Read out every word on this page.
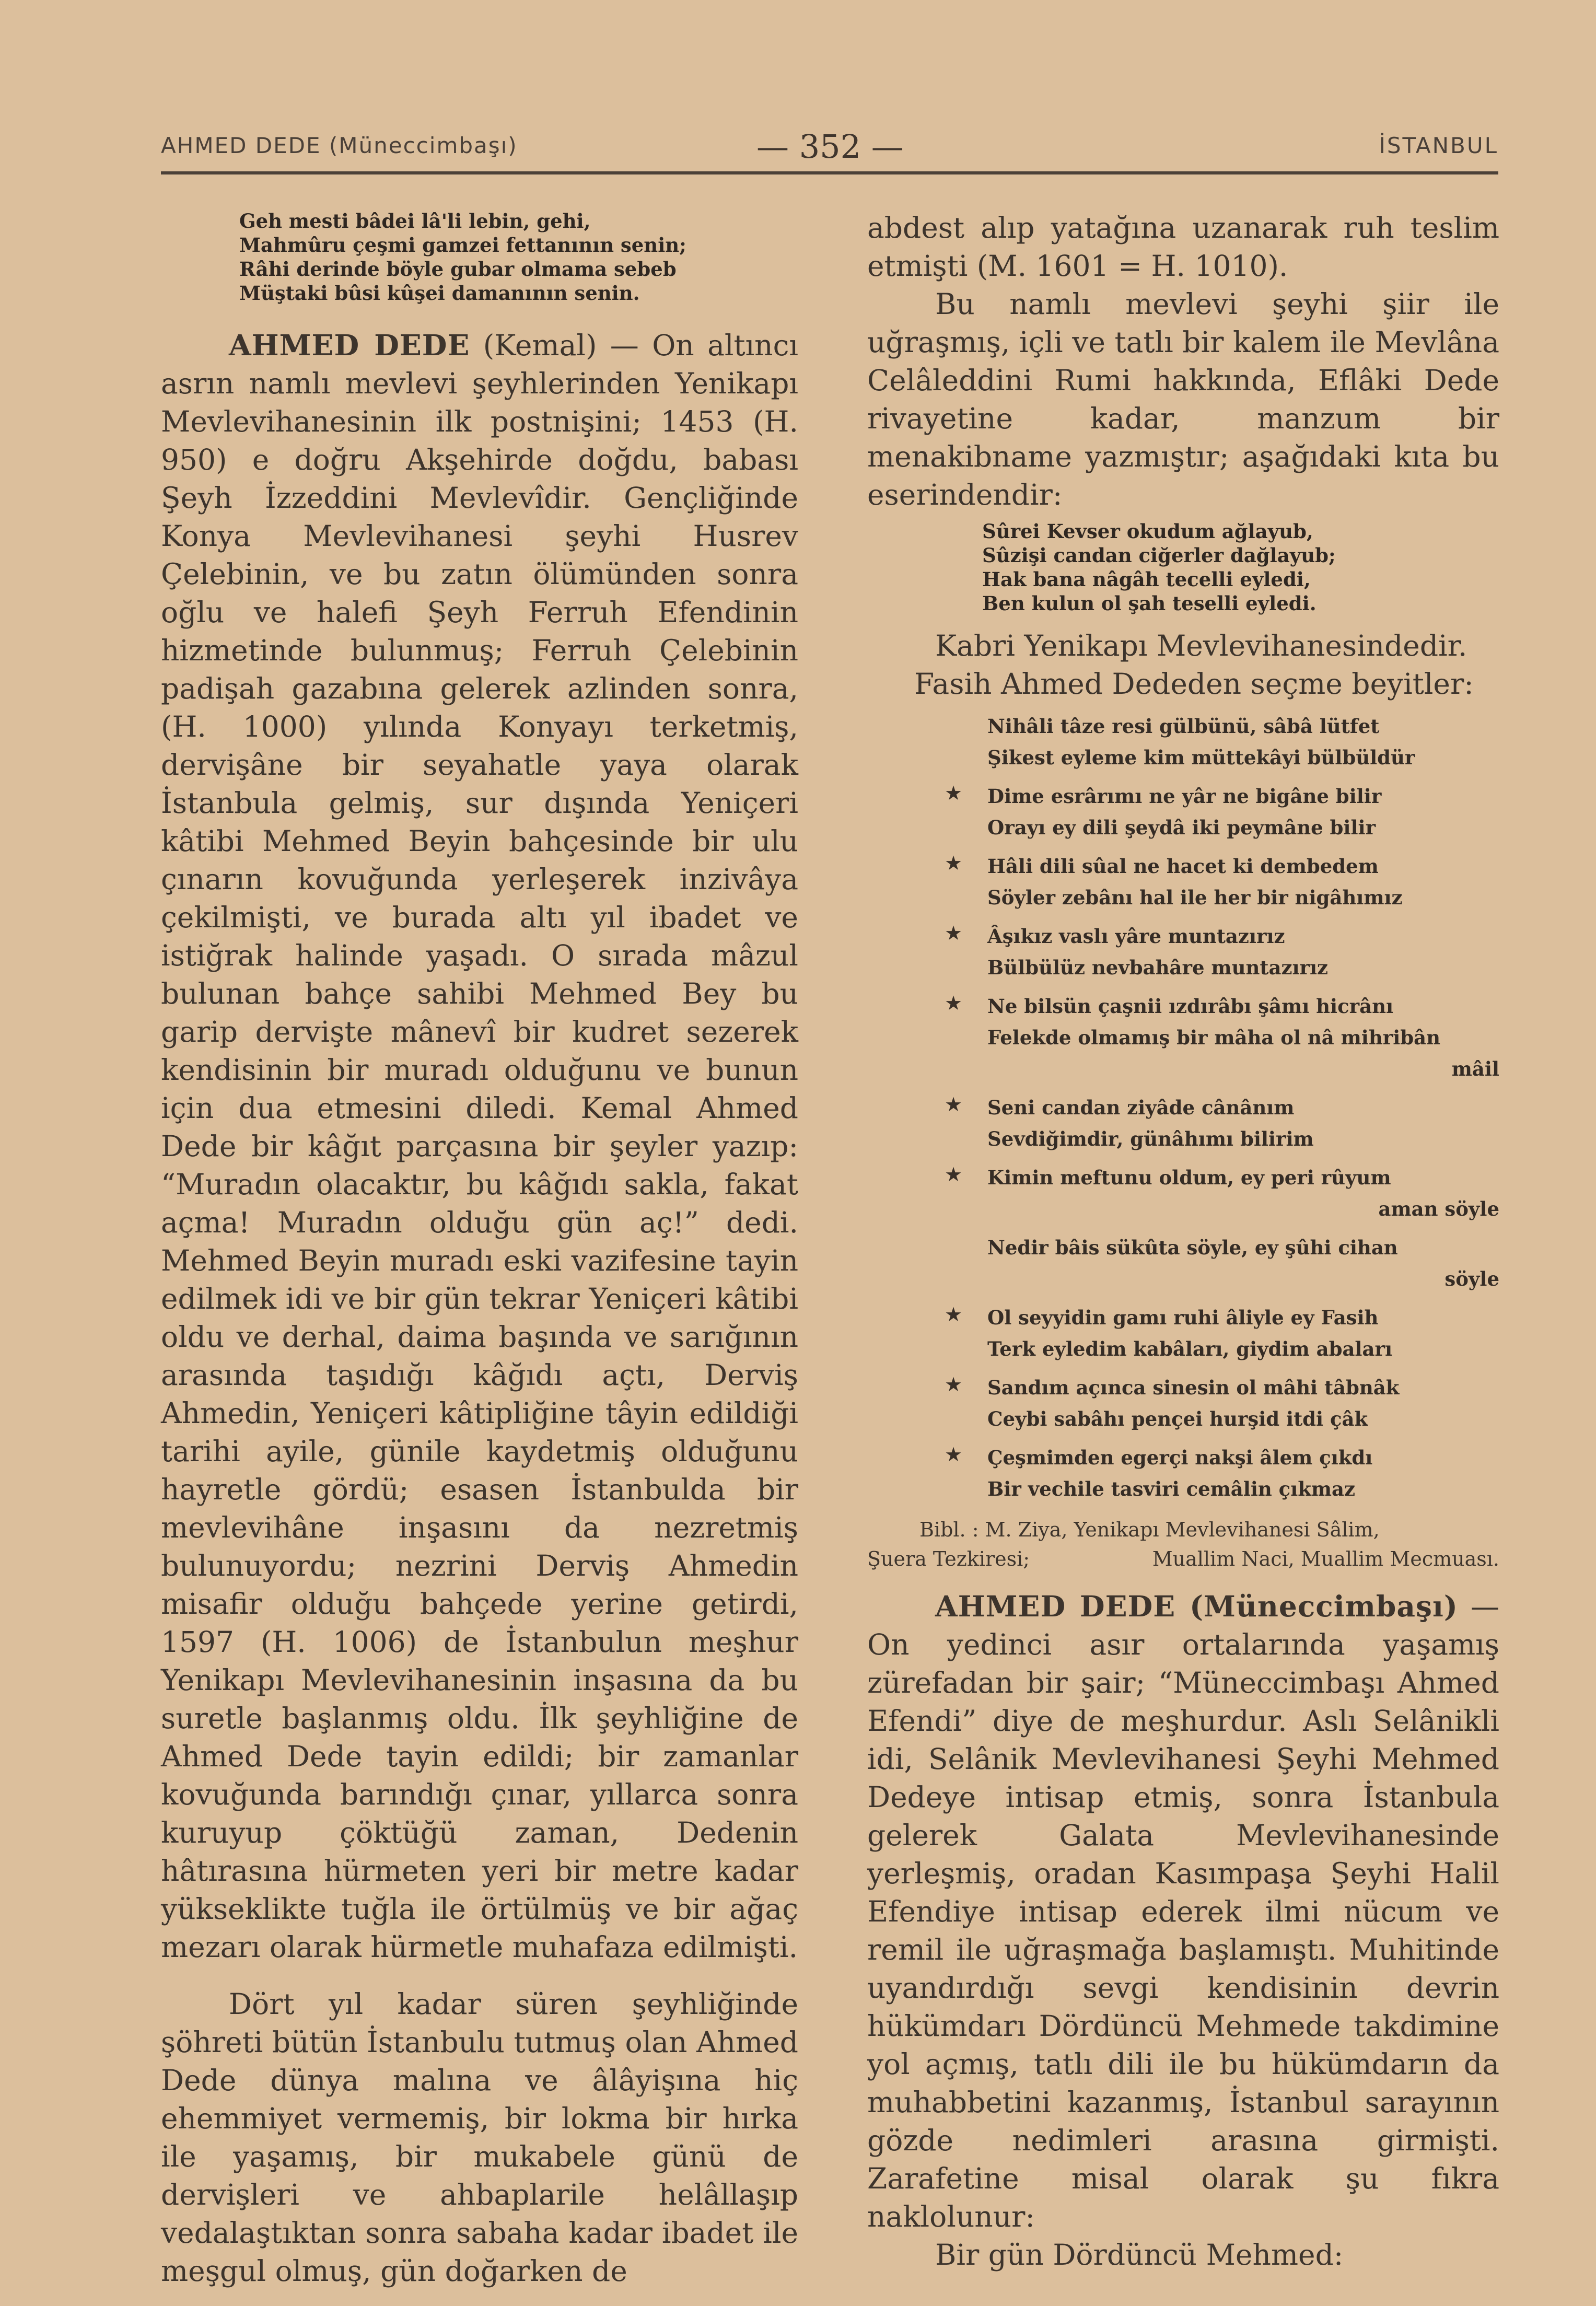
AHMED DEDE (Müneccimbaşı)	— 352 —	İSTANBUL
Geh mesti bâdei lâ'li lebin, gehi,
Mahmûru çeşmi gamzei fettanının senin;
Râhi derinde böyle gubar olmama sebeb
Müştaki bûsi kûşei damanının senin.

AHMED DEDE (Kemal) — On altıncı asrın namlı mevlevi şeyhlerinden Yenikapı Mevlevihanesinin ilk postnişini; 1453 (H. 950) e doğru Akşehirde doğdu, babası Şeyh İzzeddini Mevlevîdir. Gençliğinde Konya Mevlevihanesi şeyhi Husrev Çelebinin, ve bu zatın ölümünden sonra oğlu ve halefi Şeyh Ferruh Efendinin hizmetinde bulunmuş; Ferruh Çelebinin padişah gazabına gelerek azlinden sonra, (H. 1000) yılında Konyayı terketmiş, dervişâne bir seyahatle yaya olarak İstanbula gelmiş, sur dışında Yeniçeri kâtibi Mehmed Beyin bahçesinde bir ulu çınarın kovuğunda yerleşerek inzivâya çekilmişti, ve burada altı yıl ibadet ve istiğrak halinde yaşadı. O sırada mâzul bulunan bahçe sahibi Mehmed Bey bu garip dervişte mânevî bir kudret sezerek kendisinin bir muradı olduğunu ve bunun için dua etmesini diledi. Kemal Ahmed Dede bir kâğıt parçasına bir şeyler yazıp: “Muradın olacaktır, bu kâğıdı sakla, fakat açma! Muradın olduğu gün aç!” dedi. Mehmed Beyin muradı eski vazifesine tayin edilmek idi ve bir gün tekrar Yeniçeri kâtibi oldu ve derhal, daima başında ve sarığının arasında taşıdığı kâğıdı açtı, Derviş Ahmedin, Yeniçeri kâtipliğine tâyin edildiği tarihi ayile, günile kaydetmiş olduğunu hayretle gördü; esasen İstanbulda bir mevlevihâne inşasını da nezretmiş bulunuyordu; nezrini Derviş Ahmedin misafir olduğu bahçede yerine getirdi, 1597 (H. 1006) de İstanbulun meşhur Yenikapı Mevlevihanesinin inşasına da bu suretle başlanmış oldu. İlk şeyhliğine de Ahmed Dede tayin edildi; bir zamanlar kovuğunda barındığı çınar, yıllarca sonra kuruyup çöktüğü zaman, Dedenin hâtırasına hürmeten yeri bir metre kadar yükseklikte tuğla ile örtülmüş ve bir ağaç mezarı olarak hürmetle muhafaza edilmişti.

Dört yıl kadar süren şeyhliğinde şöhreti bütün İstanbulu tutmuş olan Ahmed Dede dünya malına ve âlâyişına hiç ehemmiyet vermemiş, bir lokma bir hırka ile yaşamış, bir mukabele günü de dervişleri ve ahbaplarile helâllaşıp vedalaştıktan sonra sabaha kadar ibadet ile meşgul olmuş, gün doğarken de

abdest alıp yatağına uzanarak ruh teslim etmişti (M. 1601 = H. 1010).

Bu namlı mevlevi şeyhi şiir ile uğraşmış, içli ve tatlı bir kalem ile Mevlâna Celâleddini Rumi hakkında, Eflâki Dede rivayetine kadar, manzum bir menakibname yazmıştır; aşağıdaki kıta bu eserindendir:

Sûrei Kevser okudum ağlayub,
Sûzişi candan ciğerler dağlayub;
Hak bana nâgâh tecelli eyledi,
Ben kulun ol şah teselli eyledi.

Kabri Yenikapı Mevlevihanesindedir.

Fasih Ahmed Dededen seçme beyitler:

Nihâli tâze resi gülbünü, sâbâ lütfet
Şikest eyleme kim müttekâyi bülbüldür
★ Dime esrârımı ne yâr ne bigâne bilir
Orayı ey dili şeydâ iki peymâne bilir
★ Hâli dili sûal ne hacet ki dembedem
Söyler zebânı hal ile her bir nigâhımız
★ Âşıkız vaslı yâre muntazırız
Bülbülüz nevbahâre muntazırız
★ Ne bilsün çaşnii ızdırâbı şâmı hicrânı
Felekde olmamış bir mâha ol nâ mihribân
mâil
★ Seni candan ziyâde cânânım
Sevdiğimdir, günâhımı bilirim
★ Kimin meftunu oldum, ey peri rûyum
aman söyle
Nedir bâis sükûta söyle, ey şûhi cihan
söyle
★ Ol seyyidin gamı ruhi âliyle ey Fasih
Terk eyledim kabâları, giydim abaları
★ Sandım açınca sinesin ol mâhi tâbnâk
Ceybi sabâhı pençei hurşid itdi çâk
★ Çeşmimden egerçi nakşi âlem çıkdı
Bir vechile tasviri cemâlin çıkmaz
Bibl. : M. Ziya, Yenikapı Mevlevihanesi Sâlim,
Şuera Tezkiresi;	Muallim Naci, Muallim Mecmuası.

AHMED DEDE (Müneccimbaşı) — On yedinci asır ortalarında yaşamış zürefadan bir şair; “Müneccimbaşı Ahmed Efendi” diye de meşhurdur. Aslı Selânikli idi, Selânik Mevlevihanesi Şeyhi Mehmed Dedeye intisap etmiş, sonra İstanbula gelerek Galata Mevlevihanesinde yerleşmiş, oradan Kasımpaşa Şeyhi Halil Efendiye intisap ederek ilmi nücum ve remil ile uğraşmağa başlamıştı. Muhitinde uyandırdığı sevgi kendisinin devrin hükümdarı Dördüncü Mehmede takdimine yol açmış, tatlı dili ile bu hükümdarın da muhabbetini kazanmış, İstanbul sarayının gözde nedimleri arasına girmişti. Zarafetine misal olarak şu fıkra naklolunur:

Bir gün Dördüncü Mehmed:
